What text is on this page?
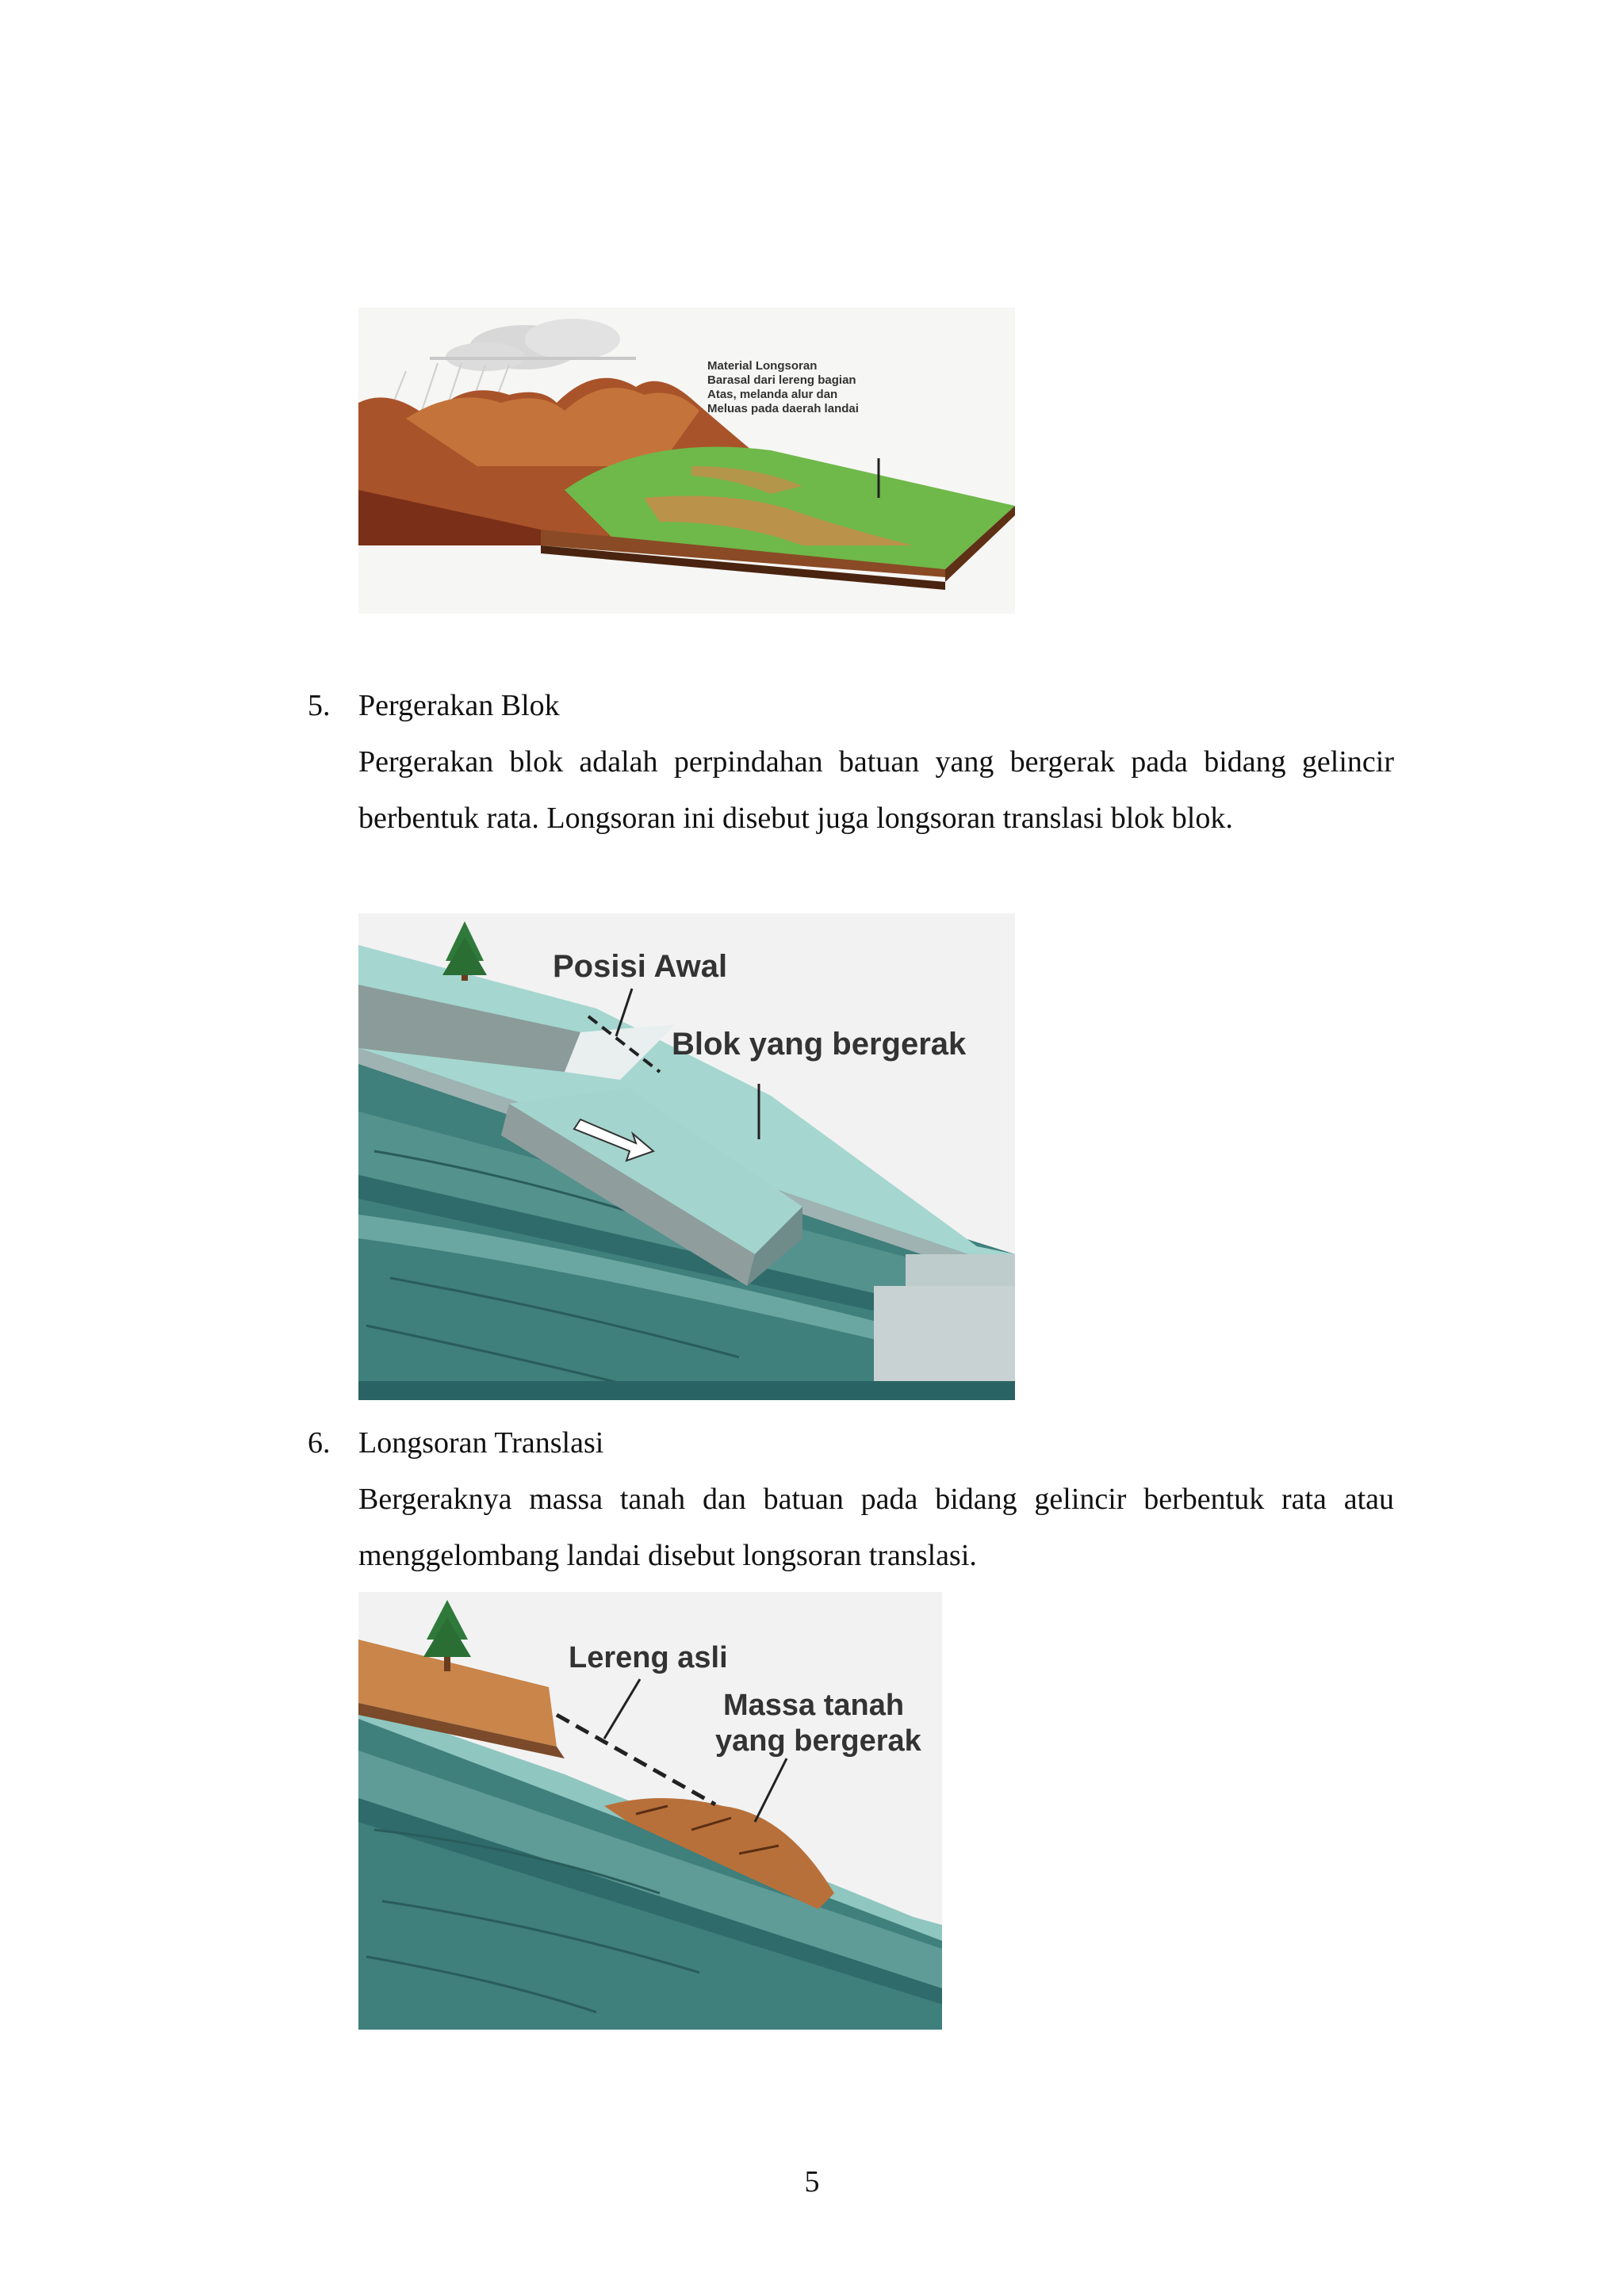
Material Longsoran
Barasal dari lereng bagian
Atas, melanda alur dan
Meluas pada daerah landai
5. Pergerakan Blok

Pergerakan blok adalah perpindahan batuan yang bergerak pada bidang gelincir berbentuk rata. Longsoran ini disebut juga longsoran translasi blok blok.

Posisi Awal
Blok yang bergerak
6. Longsoran Translasi

Bergeraknya massa tanah dan batuan pada bidang gelincir berbentuk rata atau menggelombang landai disebut longsoran translasi.

Lereng asli
Massa tanah
yang bergerak
5
